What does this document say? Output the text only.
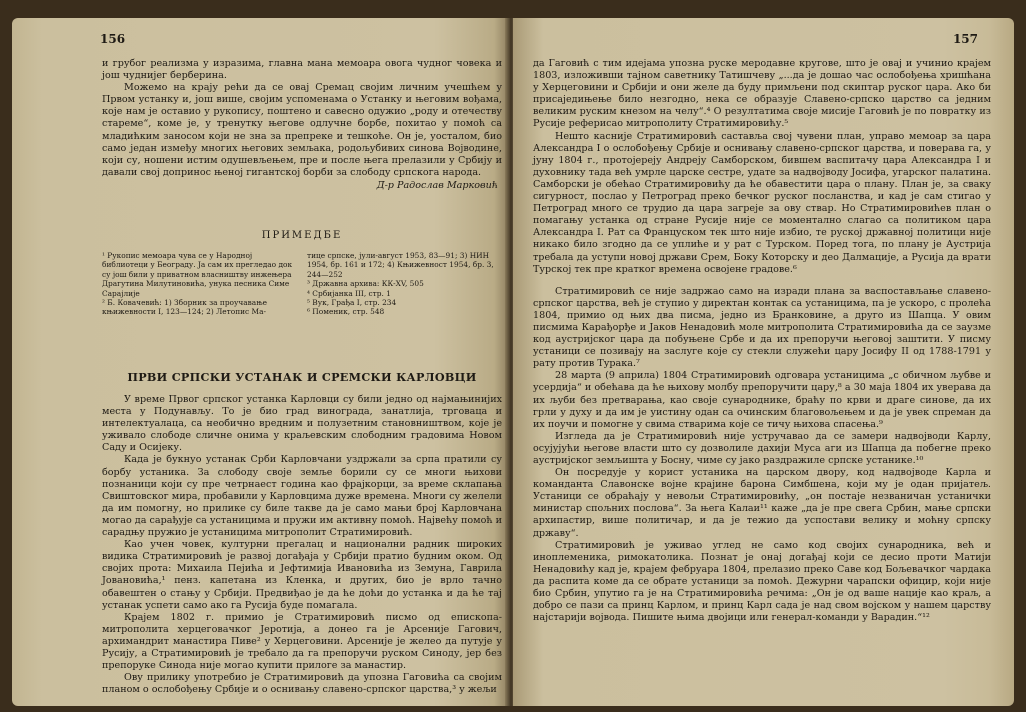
156

и грубог реализма у изразима, главна мана мемоара овога чудног човека и још чуднијег берберина.

Можемо на крају рећи да се овај Сремац својим личним учешћем у Првом устанку и, још више, својим успоменама о Устанку и његовим вођама, које нам је оставио у рукопису, поштено и савесно одужио „роду и отечеству стареме“, коме је, у тренутку његове одлучне борбе, похитао у помоћ са младићким заносом који не зна за препреке и тешкоће. Он је, уосталом, био само један између многих његових земљака, родољубивих синова Војводине, који су, ношени истим одушевљењем, пре и после њега прелазили у Србију и давали свој допринос њеној гигантској борби за слободу српскога народа.

Д-р Радослав Марковић
ПРИМЕДБЕ

¹ Рукопис мемоара чува се у Народној библиотеци у Београду. Ја сам их прегледао док су још били у приватном власништву инжењера Драгутина Милутиновића, унука песника Симе Сарајлије

² Б. Ковачевић: 1) Зборник за проучавање књижевности I, 123—124; 2) Летопис Ма-

тице српске, јули-август 1953, 83—91; 3) НИН 1954, бр. 161 и 172; 4) Књижевност 1954, бр. 3, 244—252

³ Државна архива: КК-XV, 505

⁴ Србијанка III, стр. 1

⁵ Вук, Грађа I, стр. 234

⁶ Поменик, стр. 548

ПРВИ СРПСКИ УСТАНАК И СРЕМСКИ КАРЛОВЦИ

У време Првог српског устанка Карловци су били једно од најмањинијих места у Подунављу. То је био град винограда, занатлија, трговаца и интелектуалаца, са необично вредним и полузетним становништвом, које је уживало слободе сличне онима у краљевским слободним градовима Новом Саду и Осијеку.

Када је букнуо устанак Срби Карловчани уздржали за српа пратили су борбу устаника. За слободу своје земље борили су се многи њихови познаници који су пре четрнаест година као фрајкорци, за време склапања Свиштовског мира, пробавили у Карловцима дуже времена. Многи су желели да им помогну, но прилике су биле такве да је само мањи број Карловчана могао да сарађује са устаницима и пружи им активну помоћ. Највећу помоћ и сарадњу пружио је устаницима митрополит Стратимировић.

Као учен човек, културни прегалац и национални радник широких видика Стратимировић је развој догађаја у Србији пратио будним оком. Од својих прота: Михаила Пејића и Јефтимија Ивановића из Земуна, Гаврила Јовановића,¹ пенз. капетана из Кленка, и других, био је врло тачно обавештен о стању у Србији. Предвиђао је да ће доћи до устанка и да ће тај устанак успети само ако га Русија буде помагала.

Крајем 1802 г. примио је Стратимировић писмо од епископа-митрополита херцеговачког Јеротија, а донео га је Арсеније Гагович, архимандрит манастира Пиве² у Херцеговини. Арсеније је желео да путује у Русију, а Стратимировић је требало да га препоручи руском Синоду, јер без препоруке Синода није могао купити прилоге за манастир.

Ову прилику употребио је Стратимировић да упозна Гаговића са својим планом о ослобођењу Србије и о оснивању славено-српског царства,³ у жељи

157

да Гаговић с тим идејама упозна руске меродавне кругове, што је овај и учинио крајем 1803, изложивши тајном саветнику Татишчеву „...да је дошао час ослобођења хришћана у Херцеговини и Србији и они желе да буду примљени под скиптар руског цара. Ако би присаједињење било незгодно, нека се образује Славено-српско царство са једним великим руским кнезом на челу“.⁴ О резултатима своје мисије Гаговић је по повратку из Русије реферисао митрополиту Стратимировићу.⁵

Нешто касније Стратимировић саставља свој чувени план, управо мемоар за цара Александра I о ослобођењу Србије и оснивању славено-српског царства, и поверава га, у јуну 1804 г., протојереју Андреју Самборском, бившем васпитачу цара Александра I и духовнику тада већ умрле царске сестре, удате за надвојводу Јосифа, угарског палатина. Самборски је обећао Стратимировићу да ће обавестити цара о плану. План је, за сваку сигурност, послао у Петроград преко бечког руског посланства, и кад је сам стигао у Петроград много се трудио да цара загреје за ову ствар. Но Стратимировићев план о помагању устанка од стране Русије није се моментално слагао са политиком цара Александра I. Рат са Француском тек што није избио, те руској државној политици није никако било згодно да се уплиће и у рат с Турском. Поред тога, по плану је Аустрија требала да уступи новој држави Срем, Боку Которску и део Далмације, а Русија да врати Турској тек пре краткoг времена освојене градове.⁶

Стратимировић се није задржао само на изради плана за васпостављање славено-српског царства, већ је ступио у директан контак са устаницима, па је ускоро, с пролећа 1804, примио од њих два писма, једно из Бранковине, а друго из Шапца. У овим писмима Карађорђе и Јаков Ненадовић моле митрополита Стратимировића да се заузме код аустријског цара да побуњене Србе и да их препоручи његовој заштити. У писму устаници се позивају на заслуге које су стекли служећи цару Јосифу II од 1788-1791 у рату против Турака.⁷

28 марта (9 априла) 1804 Стратимировић одговара устаницима „с обичном љубве и усердија“ и обећава да ће њихову молбу препоручити цару,⁸ а 30 маја 1804 их уверава да их љуби без претварања, као своје сународнике, браћу по крви и драге синове, да их грли у духу и да им је уистину одан са очинским благовољењем и да је увек спреман да их поучи и помогне у свима стварима које се тичу њихова спасења.⁹

Изгледа да је Стратимировић није устручавао да се замери надвојводи Карлу, осујујући његове власти што су дозволиле дахији Муса аги из Шапца да побегне преко аустријског земљишта у Босну, чиме су јако раздражиле српске устанике.¹⁰

Он посредује у корист устаника на царском двору, код надвојводе Карла и команданта Славонске војне крајине барона Симбшена, који му је одан пријатељ. Устаници се обраћају у невољи Стратимировићу, „он постаје незваничан устанички министар спољних послова“. За њега Калаи¹¹ каже „да је пре свега Србин, мање српски архипастир, више политичар, и да је тежио да успостави велику и моћну српску државу“.

Стратимировић је уживао углед не само код својих сународника, већ и иноплеменика, римокатолика. Познат је онај догађај који се десио проти Матији Ненадовићу кад је, крајем фебруара 1804, прелазио преко Саве код Бољевачког чардака да распита коме да се обрате устаници за помоћ. Дежурни чарапски официр, који није био Србин, упутио га је на Стратимировића речима: „Он је од ваше нације као краљ, а добро се пази са принц Карлом, и принц Карл сада је над свом војском у нашем царству најстарији војвода. Пишите њима двојици или генерал-команди у Варадин.“¹²
